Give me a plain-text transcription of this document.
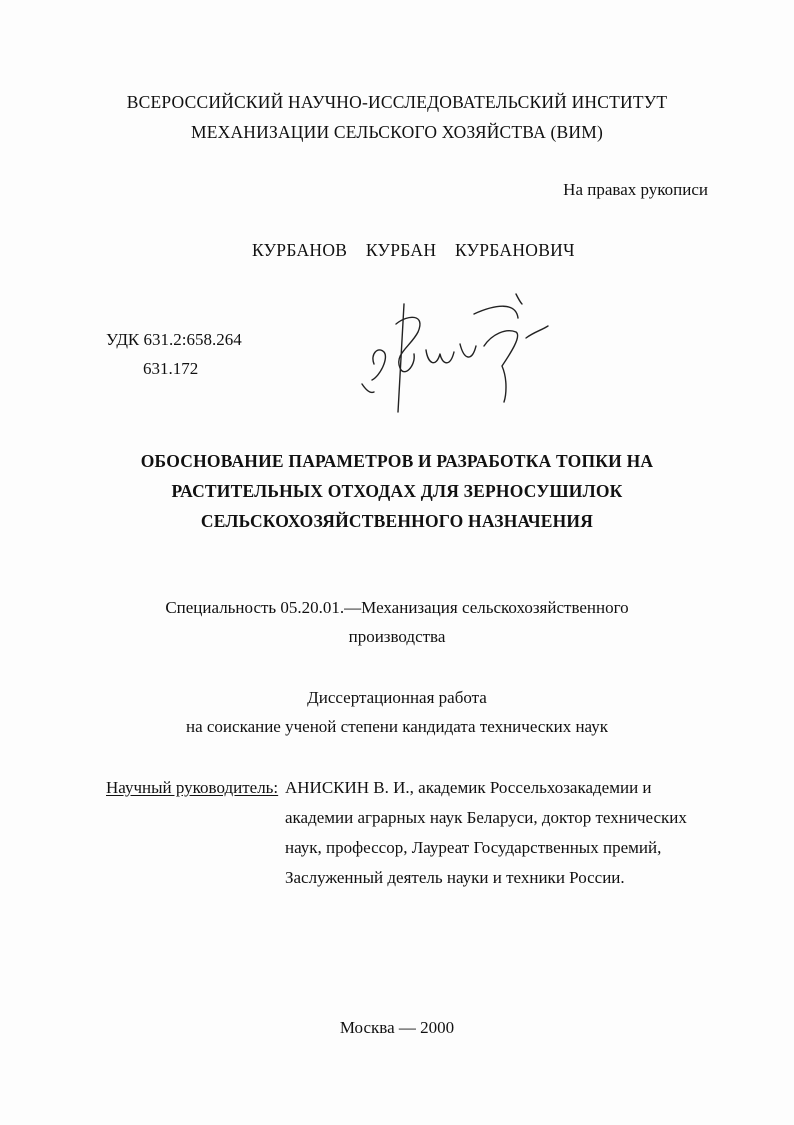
ВСЕРОССИЙСКИЙ НАУЧНО-ИССЛЕДОВАТЕЛЬСКИЙ ИНСТИТУТ
МЕХАНИЗАЦИИ СЕЛЬСКОГО ХОЗЯЙСТВА (ВИМ)
На правах рукописи
КУРБАНОВ КУРБАН КУРБАНОВИЧ
УДК 631.2:658.264
631.172
ОБОСНОВАНИЕ ПАРАМЕТРОВ И РАЗРАБОТКА ТОПКИ НА
РАСТИТЕЛЬНЫХ ОТХОДАХ ДЛЯ ЗЕРНОСУШИЛОК
СЕЛЬСКОХОЗЯЙСТВЕННОГО НАЗНАЧЕНИЯ
Специальность 05.20.01.—Механизация сельскохозяйственного
производства
Диссертационная работа
на соискание ученой степени кандидата технических наук
Научный руководитель: АНИСКИН В. И., академик Россельхозакадемии и
академии аграрных наук Беларуси, доктор технических
наук, профессор, Лауреат Государственных премий,
Заслуженный деятель науки и техники России.
Москва — 2000
